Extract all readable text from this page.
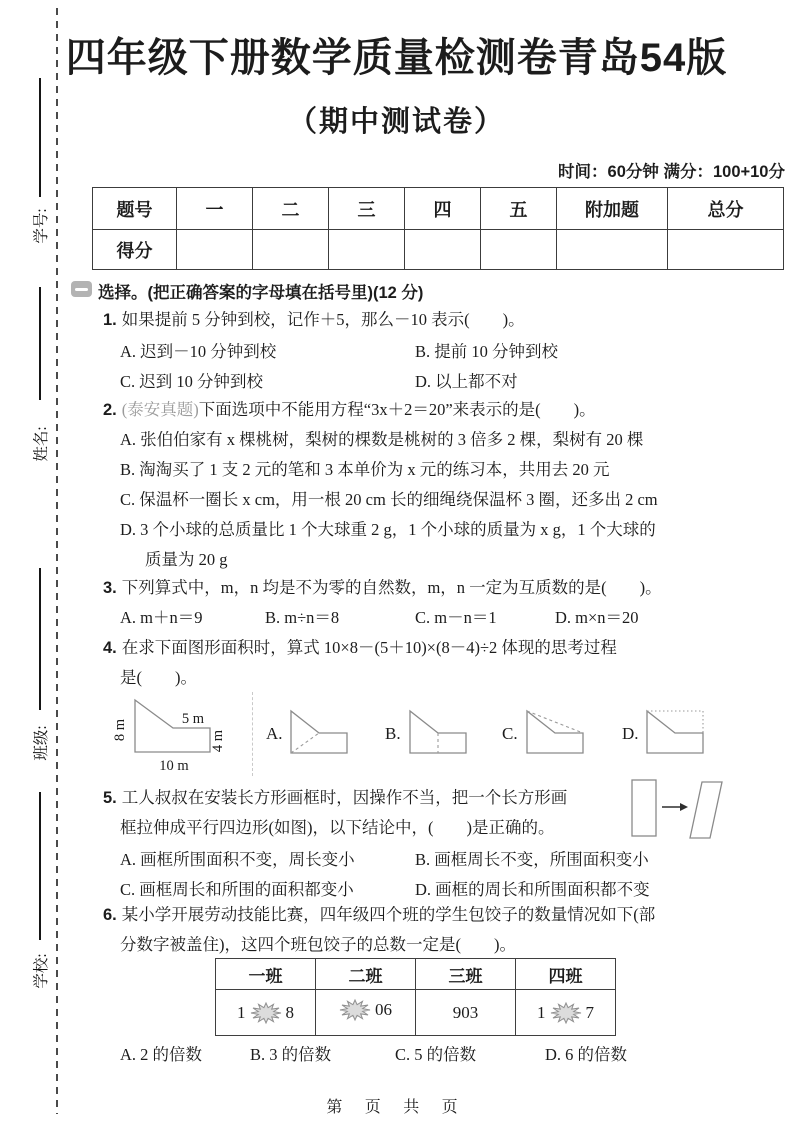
学号:
姓名:
班级:
学校:
四年级下册数学质量检测卷青岛54版
（期中测试卷）
时间：60分钟 满分：100+10分
题号	一	二	三	四	五	附加题	总分
得分							
选择。(把正确答案的字母填在括号里)(12 分)
1. 如果提前 5 分钟到校，记作＋5，那么－10 表示(　　)。
A. 迟到－10 分钟到校	B. 提前 10 分钟到校
C. 迟到 10 分钟到校	D. 以上都不对
2. (泰安真题)下面选项中不能用方程“3x＋2＝20”来表示的是(　　)。
A. 张伯伯家有 x 棵桃树，梨树的棵数是桃树的 3 倍多 2 棵，梨树有 20 棵
B. 淘淘买了 1 支 2 元的笔和 3 本单价为 x 元的练习本，共用去 20 元
C. 保温杯一圈长 x cm，用一根 20 cm 长的细绳绕保温杯 3 圈，还多出 2 cm
D. 3 个小球的总质量比 1 个大球重 2 g，1 个小球的质量为 x g，1 个大球的
质量为 20 g
3. 下列算式中，m，n 均是不为零的自然数，m，n 一定为互质数的是(　　)。
A. m＋n＝9	B. m÷n＝8	C. m－n＝1	D. m×n＝20
4. 在求下面图形面积时，算式 10×8－(5＋10)×(8－4)÷2 体现的思考过程
是(　　)。
8 m	5 m
4 m
10 m
A.	B.	C.	D.
5. 工人叔叔在安装长方形画框时，因操作不当，把一个长方形画
框拉伸成平行四边形(如图)，以下结论中，(　　)是正确的。
A. 画框所围面积不变，周长变小	B. 画框周长不变，所围面积变小
C. 画框周长和所围的面积都变小	D. 画框的周长和所围面积都不变
6. 某小学开展劳动技能比赛，四年级四个班的学生包饺子的数量情况如下(部
分数字被盖住)，这四个班包饺子的总数一定是(　　)。
一班	二班	三班	四班

1 8	06	903	1 7
A. 2 的倍数	B. 3 的倍数	C. 5 的倍数	D. 6 的倍数
第 页 共 页
